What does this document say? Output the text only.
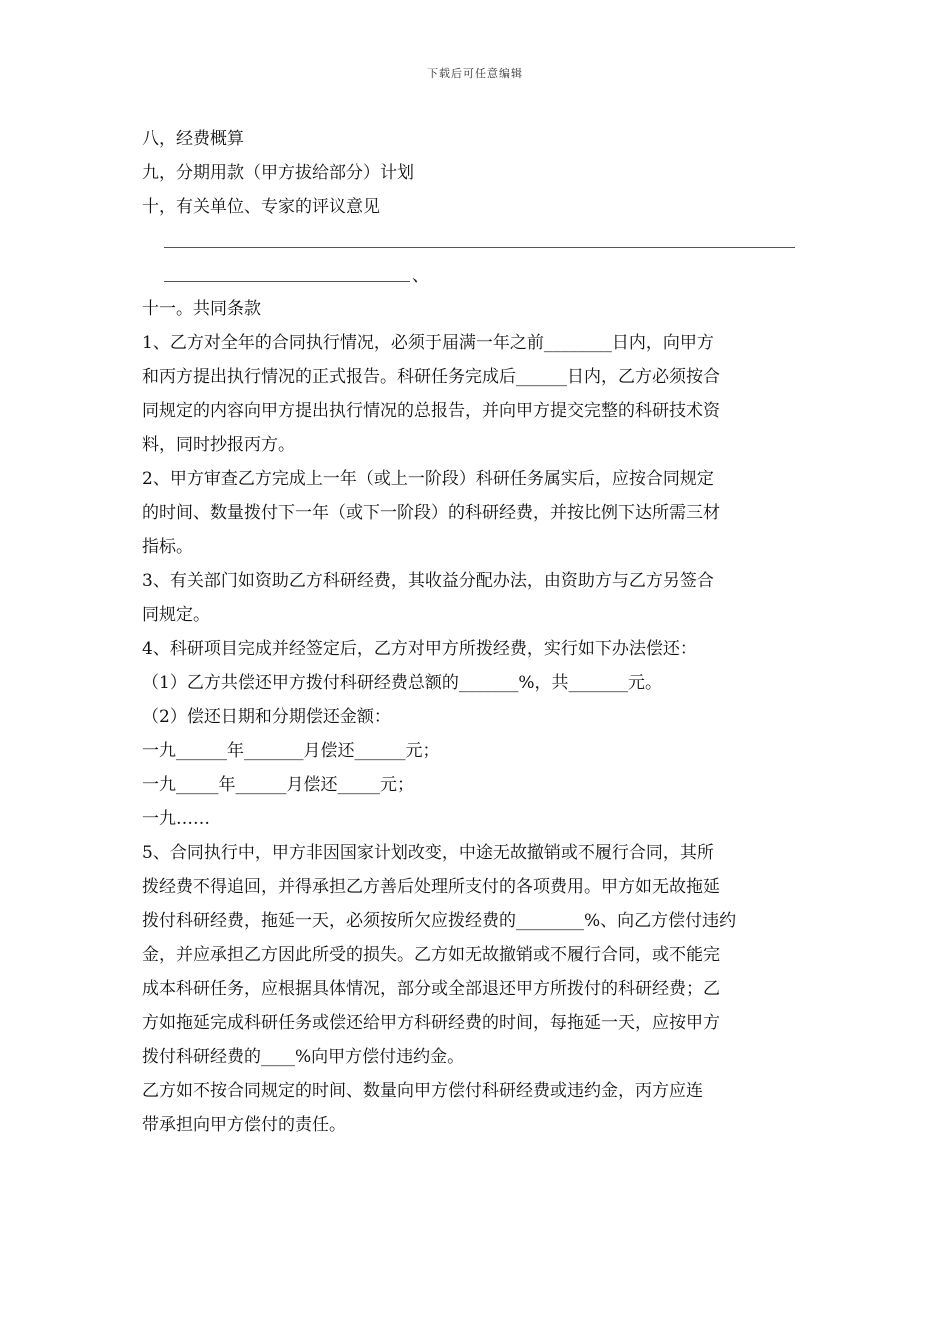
下载后可任意编辑
八，经费概算
九，分期用款（甲方拔给部分）计划
十，有关单位、专家的评议意见
、
十一。共同条款
1、乙方对全年的合同执行情况，必须于届满一年之前________日内，向甲方
和丙方提出执行情况的正式报告。科研任务完成后______日内，乙方必须按合
同规定的内容向甲方提出执行情况的总报告，并向甲方提交完整的科研技术资
料，同时抄报丙方。
2、甲方审查乙方完成上一年（或上一阶段）科研任务属实后，应按合同规定
的时间、数量拨付下一年（或下一阶段）的科研经费，并按比例下达所需三材
指标。
3、有关部门如资助乙方科研经费，其收益分配办法，由资助方与乙方另签合
同规定。
4、科研项目完成并经签定后，乙方对甲方所拨经费，实行如下办法偿还：
（1）乙方共偿还甲方拨付科研经费总额的_______%，共_______元。
（2）偿还日期和分期偿还金额：
一九______年_______月偿还______元；
一九_____年______月偿还_____元；
一九……
5、合同执行中，甲方非因国家计划改变，中途无故撤销或不履行合同，其所
拨经费不得追回，并得承担乙方善后处理所支付的各项费用。甲方如无故拖延
拨付科研经费，拖延一天，必须按所欠应拨经费的________%、向乙方偿付违约
金，并应承担乙方因此所受的损失。乙方如无故撤销或不履行合同，或不能完
成本科研任务，应根据具体情况，部分或全部退还甲方所拨付的科研经费；乙
方如拖延完成科研任务或偿还给甲方科研经费的时间，每拖延一天，应按甲方
拨付科研经费的____%向甲方偿付违约金。
乙方如不按合同规定的时间、数量向甲方偿付科研经费或违约金，丙方应连
带承担向甲方偿付的责任。
